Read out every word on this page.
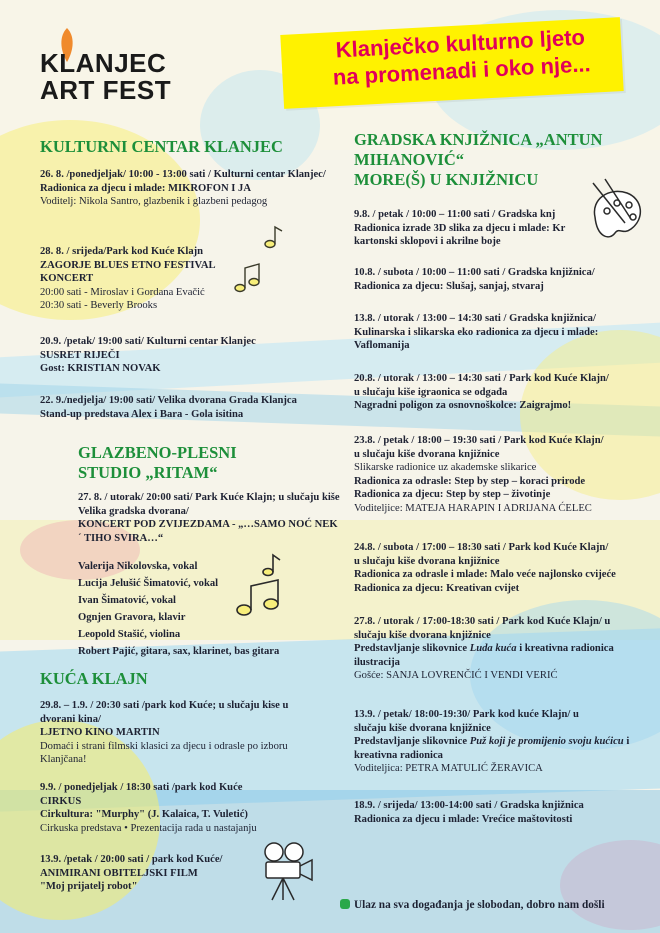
KLANJEC
ART FEST
Klanječko kulturno ljeto
na promenadi i oko nje...
KULTURNI CENTAR KLANJEC

26. 8. /ponedjeljak/ 10:00 - 13:00 sati / Kulturni centar Klanjec/

Radionica za djecu i mlade: MIKROFON I JA

Voditelj: Nikola Santro, glazbenik i glazbeni pedagog

28. 8. / srijeda/Park kod Kuće Klajn

ZAGORJE BLUES ETNO FESTIVAL

KONCERT

20:00 sati - Miroslav i Gordana Evačić

20:30 sati - Beverly Brooks

20.9. /petak/ 19:00 sati/ Kulturni centar Klanjec

SUSRET RIJEČI

Gost: KRISTIAN NOVAK

22. 9./nedjelja/ 19:00 sati/ Velika dvorana Grada Klanjca

Stand-up predstava Alex i Bara - Gola isitina

GLAZBENO-PLESNI
STUDIO „RITAM“

27. 8. / utorak/ 20:00 sati/ Park Kuće Klajn; u slučaju kiše Velika gradska dvorana/

KONCERT POD ZVIJEZDAMA - „…SAMO NOĆ NEK´ TIHO SVIRA…“

Valerija Nikolovska, vokal

Lucija Jelušić Šimatović, vokal

Ivan Šimatović, vokal

Ognjen Gravora, klavir

Leopold Stašić, violina

Robert Pajić, gitara, sax, klarinet, bas gitara

KUĆA KLAJN

29.8. – 1.9. / 20:30 sati /park kod Kuće; u slučaju kise u dvorani kina/

LJETNO KINO MARTIN

Domaći i strani filmski klasici za djecu i odrasle po izboru Klanjčana!

9.9. / ponedjeljak / 18:30 sati /park kod Kuće

CIRKUS

Cirkultura: "Murphy" (J. Kalaica, T. Vuletić)

Cirkuska predstava • Prezentacija rada u nastajanju

13.9. /petak / 20:00 sati / park kod Kuće/

ANIMIRANI OBITELJSKI FILM

"Moj prijatelj robot"

GRADSKA KNJIŽNICA „ANTUN
MIHANOVIĆ“
MORE(Š) U KNJIŽNICU

9.8. / petak / 10:00 – 11:00 sati / Gradska knj

Radionica izrade 3D slika za djecu i mlade: Kr

kartonski sklopovi i akrilne boje

10.8. / subota / 10:00 – 11:00 sati / Gradska knjižnica/

Radionica za djecu: Slušaj, sanjaj, stvaraj

13.8. / utorak / 13:00 – 14:30 sati / Gradska knjižnica/

Kulinarska i slikarska eko radionica za djecu i mlade:

Vaflomanija

20.8. / utorak / 13:00 – 14:30 sati / Park kod Kuće Klajn/

u slučaju kiše igraonica se odgađa

Nagradni poligon za osnovnoškolce: Zaigrajmo!

23.8. / petak / 18:00 – 19:30 sati / Park kod Kuće Klajn/

u slučaju kiše dvorana knjižnice

Slikarske radionice uz akademske slikarice

Radionica za odrasle: Step by step – koraci prirode

Radionica za djecu: Step by step – životinje

Voditeljice: MATEJA HARAPIN I ADRIJANA ĆELEC

24.8. / subota / 17:00 – 18:30 sati / Park kod Kuće Klajn/

u slučaju kiše dvorana knjižnice

Radionica za odrasle i mlade: Malo veće najlonsko cvijeće

Radionica za djecu: Kreativan cvijet

27.8. / utorak / 17:00-18:30 sati / Park kod Kuće Klajn/ u

slučaju kiše dvorana knjižnice

Predstavljanje slikovnice Luda kuća i kreativna radionica

ilustracija

Gošće: SANJA LOVRENČIĆ I VENDI VERIĆ

13.9. / petak/ 18:00-19:30/ Park kod kuće Klajn/ u

slučaju kiše dvorana knjižnice

Predstavljanje slikovnice Puž koji je promijenio svoju kućicu i

kreativna radionica

Voditeljica: PETRA MATULIĆ ŽERAVICA

18.9. / srijeda/ 13:00-14:00 sati / Gradska knjižnica

Radionica za djecu i mlade: Vrećice maštovitosti

Ulaz na sva događanja je slobodan, dobro nam došli
